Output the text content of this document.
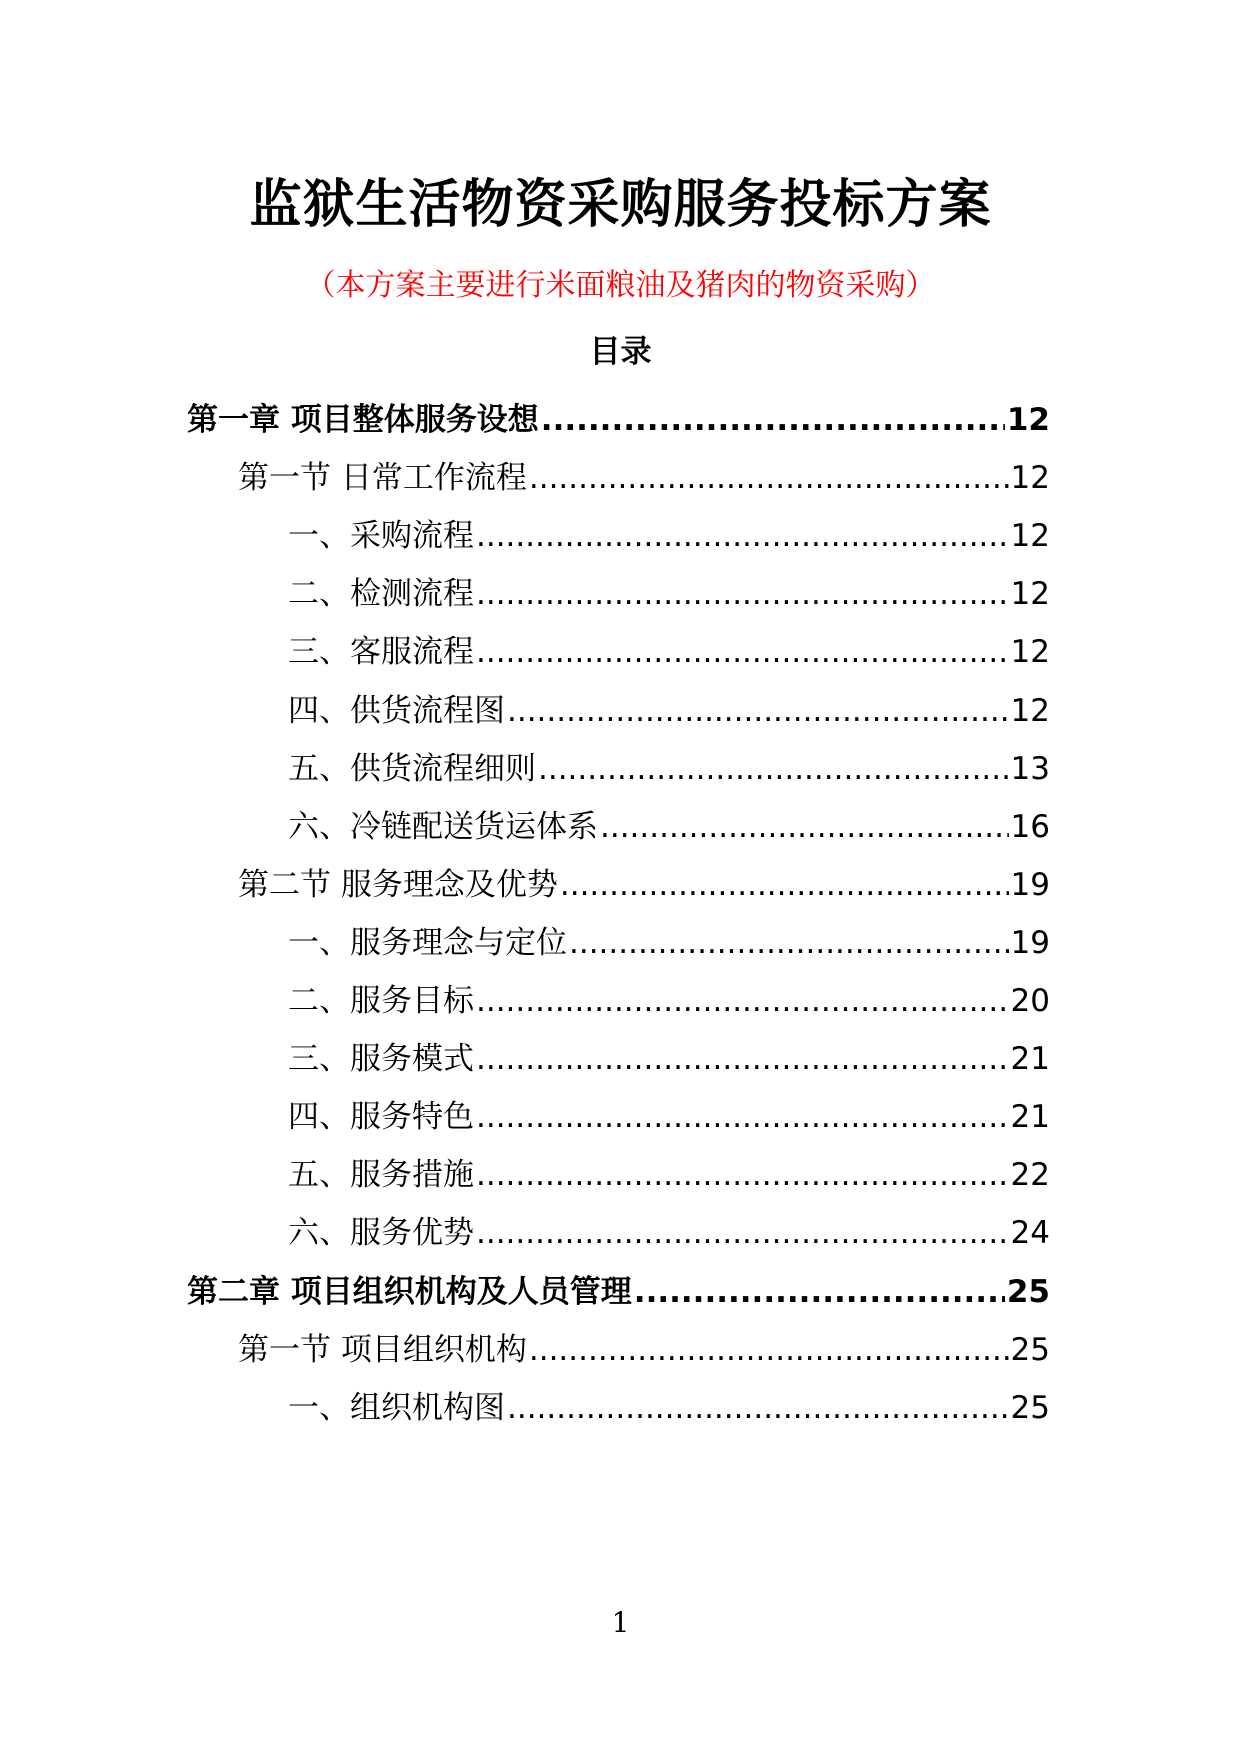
监狱生活物资采购服务投标方案
（本方案主要进行米面粮油及猪肉的物资采购）
目录
第一章 项目整体服务设想 .....	12
第一节 日常工作流程 .....	12
一、采购流程 .....	12
二、检测流程 .....	12
三、客服流程 .....	12
四、供货流程图 .....	12
五、供货流程细则 .....	13
六、冷链配送货运体系 .....	16
第二节 服务理念及优势 .....	19
一、服务理念与定位 .....	19
二、服务目标 .....	20
三、服务模式 .....	21
四、服务特色 .....	21
五、服务措施 .....	22
六、服务优势 .....	24
第二章 项目组织机构及人员管理 .....	25
第一节 项目组织机构 .....	25
一、组织机构图 .....	25
1
